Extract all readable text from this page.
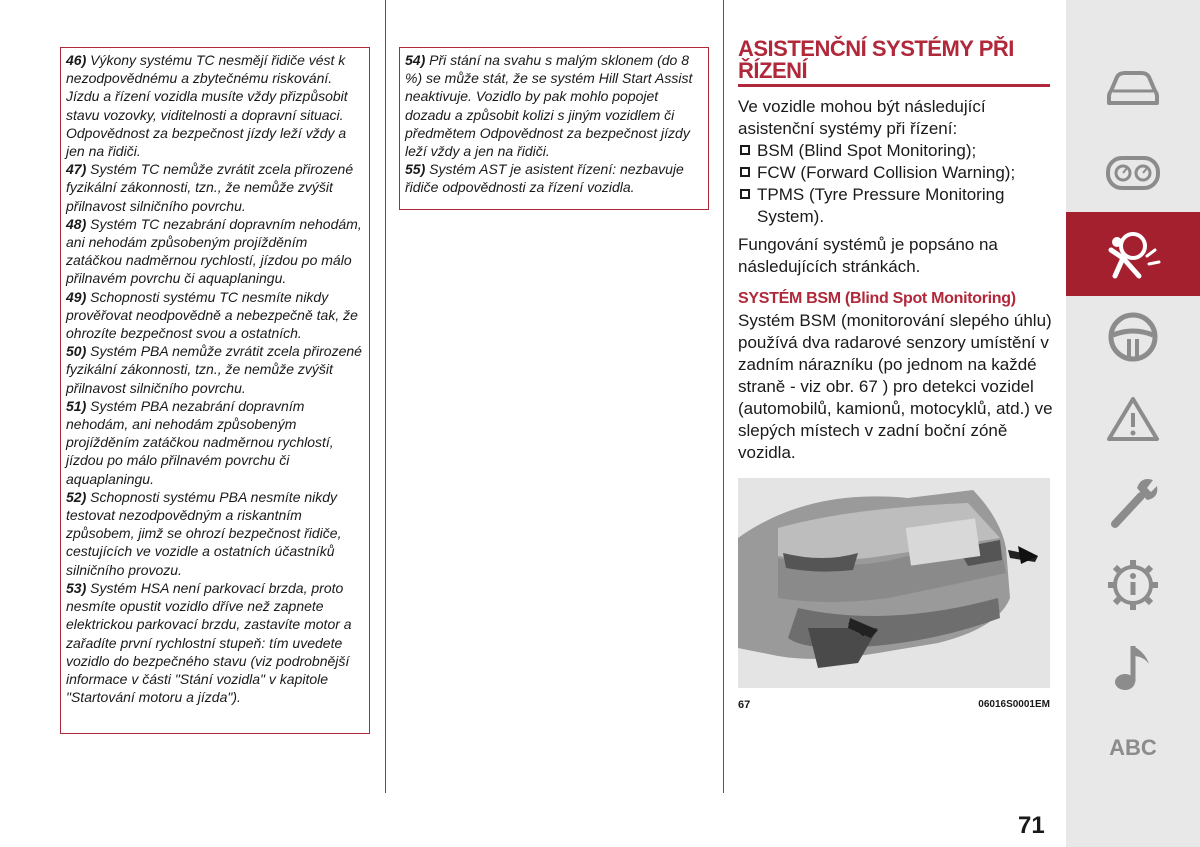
46) Výkony systému TC nesmějí řidiče vést k nezodpovědnému a zbytečnému riskování. Jízdu a řízení vozidla musíte vždy přizpůsobit stavu vozovky, viditelnosti a dopravní situaci. Odpovědnost za bezpečnost jízdy leží vždy a jen na řidiči.

47) Systém TC nemůže zvrátit zcela přirozené fyzikální zákonnosti, tzn., že nemůže zvýšit přilnavost silničního povrchu.

48) Systém TC nezabrání dopravním nehodám, ani nehodám způsobeným projížděním zatáčkou nadměrnou rychlostí, jízdou po málo přilnavém povrchu či aquaplaningu.

49) Schopnosti systému TC nesmíte nikdy prověřovat neodpovědně a nebezpečně tak, že ohrozíte bezpečnost svou a ostatních.

50) Systém PBA nemůže zvrátit zcela přirozené fyzikální zákonnosti, tzn., že nemůže zvýšit přilnavost silničního povrchu.

51) Systém PBA nezabrání dopravním nehodám, ani nehodám způsobeným projížděním zatáčkou nadměrnou rychlostí, jízdou po málo přilnavém povrchu či aquaplaningu.

52) Schopnosti systému PBA nesmíte nikdy testovat nezodpovědným a riskantním způsobem, jimž se ohrozí bezpečnost řidiče, cestujících ve vozidle a ostatních účastníků silničního provozu.

53) Systém HSA není parkovací brzda, proto nesmíte opustit vozidlo dříve než zapnete elektrickou parkovací brzdu, zastavíte motor a zařadíte první rychlostní stupeň: tím uvedete vozidlo do bezpečného stavu (viz podrobnější informace v části "Stání vozidla" v kapitole "Startování motoru a jízda").

54) Při stání na svahu s malým sklonem (do 8 %) se může stát, že se systém Hill Start Assist neaktivuje. Vozidlo by pak mohlo popojet dozadu a způsobit kolizi s jiným vozidlem či předmětem Odpovědnost za bezpečnost jízdy leží vždy a jen na řidiči.

55) Systém AST je asistent řízení: nezbavuje řidiče odpovědnosti za řízení vozidla.

ASISTENČNÍ SYSTÉMY PŘI ŘÍZENÍ

Ve vozidle mohou být následující asistenční systémy při řízení:

BSM (Blind Spot Monitoring);
FCW (Forward Collision Warning);
TPMS (Tyre Pressure Monitoring System).

Fungování systémů je popsáno na následujících stránkách.

SYSTÉM BSM (Blind Spot Monitoring)

Systém BSM (monitorování slepého úhlu) používá dva radarové senzory umístění v zadním nárazníku (po jednom na každé straně - viz obr. 67 ) pro detekci vozidel (automobilů, kamionů, motocyklů, atd.) ve slepých místech v zadní boční zóně vozidla.

67	06016S0001EM
71
ABC
